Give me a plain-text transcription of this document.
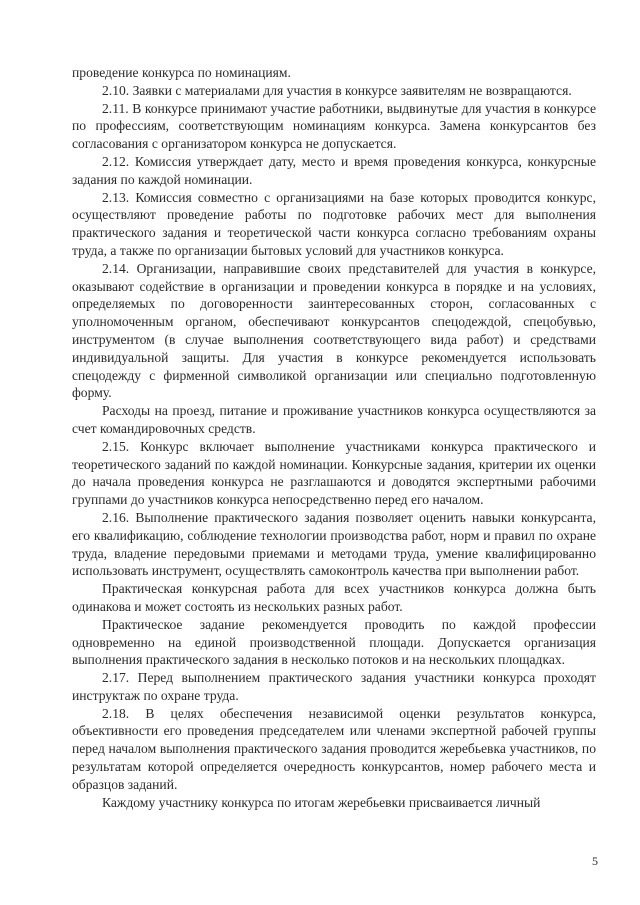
проведение конкурса по номинациям.

2.10. Заявки с материалами для участия в конкурсе заявителям не возвращаются.

2.11. В конкурсе принимают участие работники, выдвинутые для участия в конкурсе по профессиям, соответствующим номинациям конкурса. Замена конкурсантов без согласования с организатором конкурса не допускается.

2.12. Комиссия утверждает дату, место и время проведения конкурса, конкурсные задания по каждой номинации.

2.13. Комиссия совместно с организациями на базе которых проводится конкурс, осуществляют проведение работы по подготовке рабочих мест для выполнения практического задания и теоретической части конкурса согласно требованиям охраны труда, а также по организации бытовых условий для участников конкурса.

2.14. Организации, направившие своих представителей для участия в конкурсе, оказывают содействие в организации и проведении конкурса в порядке и на условиях, определяемых по договоренности заинтересованных сторон, согласованных с уполномоченным органом, обеспечивают конкурсантов спецодеждой, спецобувью, инструментом (в случае выполнения соответствующего вида работ) и средствами индивидуальной защиты. Для участия в конкурсе рекомендуется использовать спецодежду с фирменной символикой организации или специально подготовленную форму.

Расходы на проезд, питание и проживание участников конкурса осуществляются за счет командировочных средств.

2.15. Конкурс включает выполнение участниками конкурса практического и теоретического заданий по каждой номинации. Конкурсные задания, критерии их оценки до начала проведения конкурса не разглашаются и доводятся экспертными рабочими группами до участников конкурса непосредственно перед его началом.

2.16. Выполнение практического задания позволяет оценить навыки конкурсанта, его квалификацию, соблюдение технологии производства работ, норм и правил по охране труда, владение передовыми приемами и методами труда, умение квалифицированно использовать инструмент, осуществлять самоконтроль качества при выполнении работ.

Практическая конкурсная работа для всех участников конкурса должна быть одинакова и может состоять из нескольких разных работ.

Практическое задание рекомендуется проводить по каждой профессии одновременно на единой производственной площади. Допускается организация выполнения практического задания в несколько потоков и на нескольких площадках.

2.17. Перед выполнением практического задания участники конкурса проходят инструктаж по охране труда.

2.18. В целях обеспечения независимой оценки результатов конкурса, объективности его проведения председателем или членами экспертной рабочей группы перед началом выполнения практического задания проводится жеребьевка участников, по результатам которой определяется очередность конкурсантов, номер рабочего места и образцов заданий.

Каждому участнику конкурса по итогам жеребьевки присваивается личный

5
